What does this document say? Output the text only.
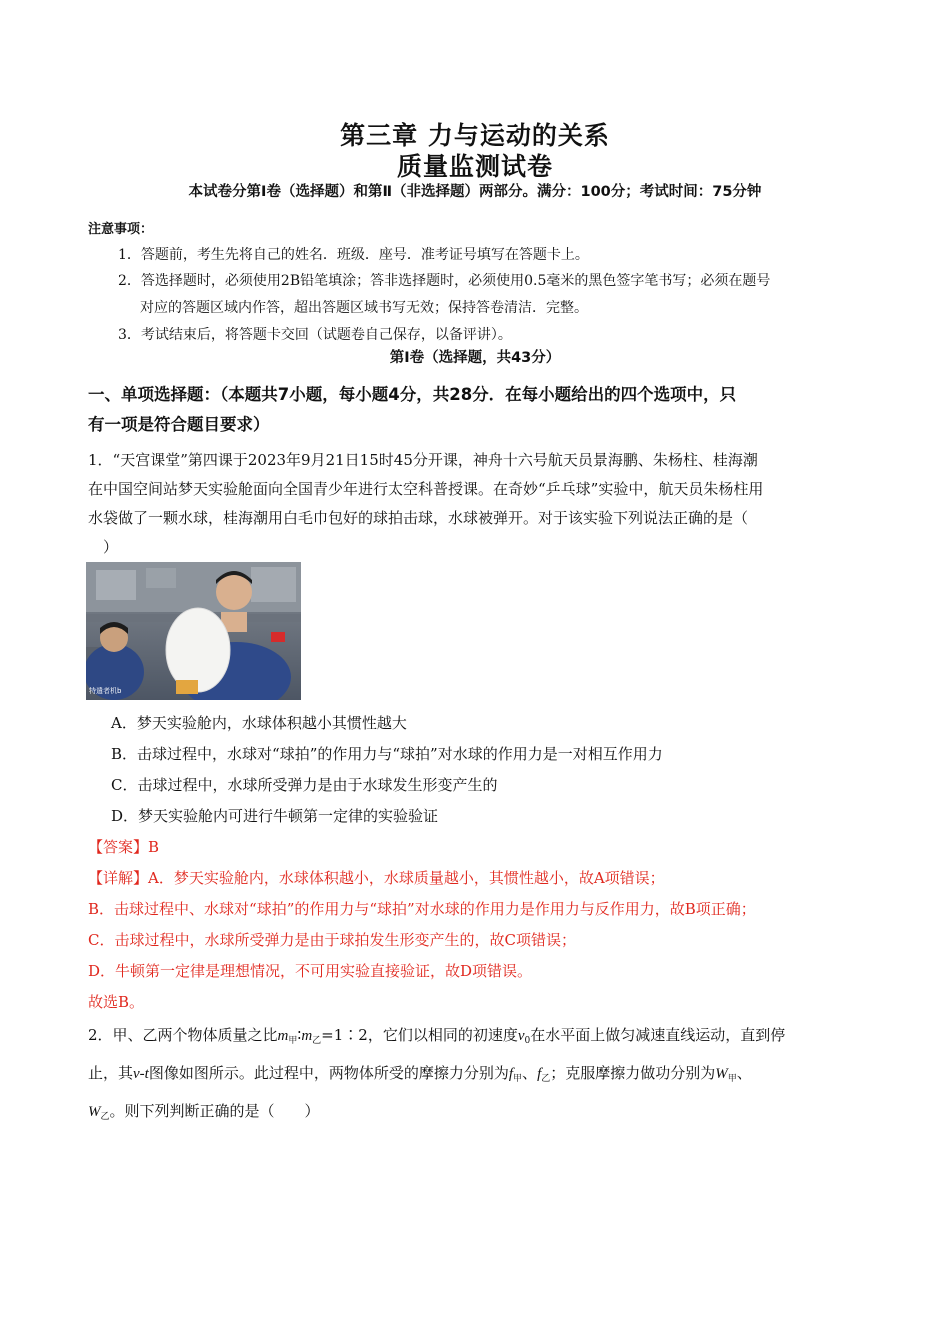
第三章 力与运动的关系
质量监测试卷
本试卷分第Ⅰ卷（选择题）和第Ⅱ（非选择题）两部分。满分：100分；考试时间：75分钟
注意事项：
1．答题前，考生先将自己的姓名．班级．座号．准考证号填写在答题卡上。
2．答选择题时，必须使用2B铅笔填涂；答非选择题时，必须使用0.5毫米的黑色签字笔书写；必须在题号
对应的答题区域内作答，超出答题区域书写无效；保持答卷清洁．完整。
3．考试结束后，将答题卡交回（试题卷自己保存，以备评讲）。
第Ⅰ卷（选择题，共43分）
一、单项选择题：（本题共7小题，每小题4分，共28分．在每小题给出的四个选项中，只
有一项是符合题目要求）
1．“天宫课堂”第四课于2023年9月21日15时45分开课，神舟十六号航天员景海鹏、朱杨柱、桂海潮
在中国空间站梦天实验舱面向全国青少年进行太空科普授课。在奇妙“乒乓球”实验中，航天员朱杨柱用
水袋做了一颗水球，桂海潮用白毛巾包好的球拍击球，水球被弹开。对于该实验下列说法正确的是（
）
特遣者机b
A．梦天实验舱内，水球体积越小其惯性越大
B．击球过程中，水球对“球拍”的作用力与“球拍”对水球的作用力是一对相互作用力
C．击球过程中，水球所受弹力是由于水球发生形变产生的
D．梦天实验舱内可进行牛顿第一定律的实验验证
【答案】B
【详解】A．梦天实验舱内，水球体积越小，水球质量越小，其惯性越小，故A项错误；
B．击球过程中、水球对“球拍”的作用力与“球拍”对水球的作用力是作用力与反作用力，故B项正确；
C．击球过程中，水球所受弹力是由于球拍发生形变产生的，故C项错误；
D．牛顿第一定律是理想情况，不可用实验直接验证，故D项错误。
故选B。
2．甲、乙两个物体质量之比$m_甲∶m_乙=1∶2$，它们以相同的初速度$v_0$在水平面上做匀减速直线运动，直到停
止，其v-t图像如图所示。此过程中，两物体所受的摩擦力分别为$f_甲$、$f_乙$；克服摩擦力做功分别为$W_甲$、
$W_乙$。则下列判断正确的是（　　）
